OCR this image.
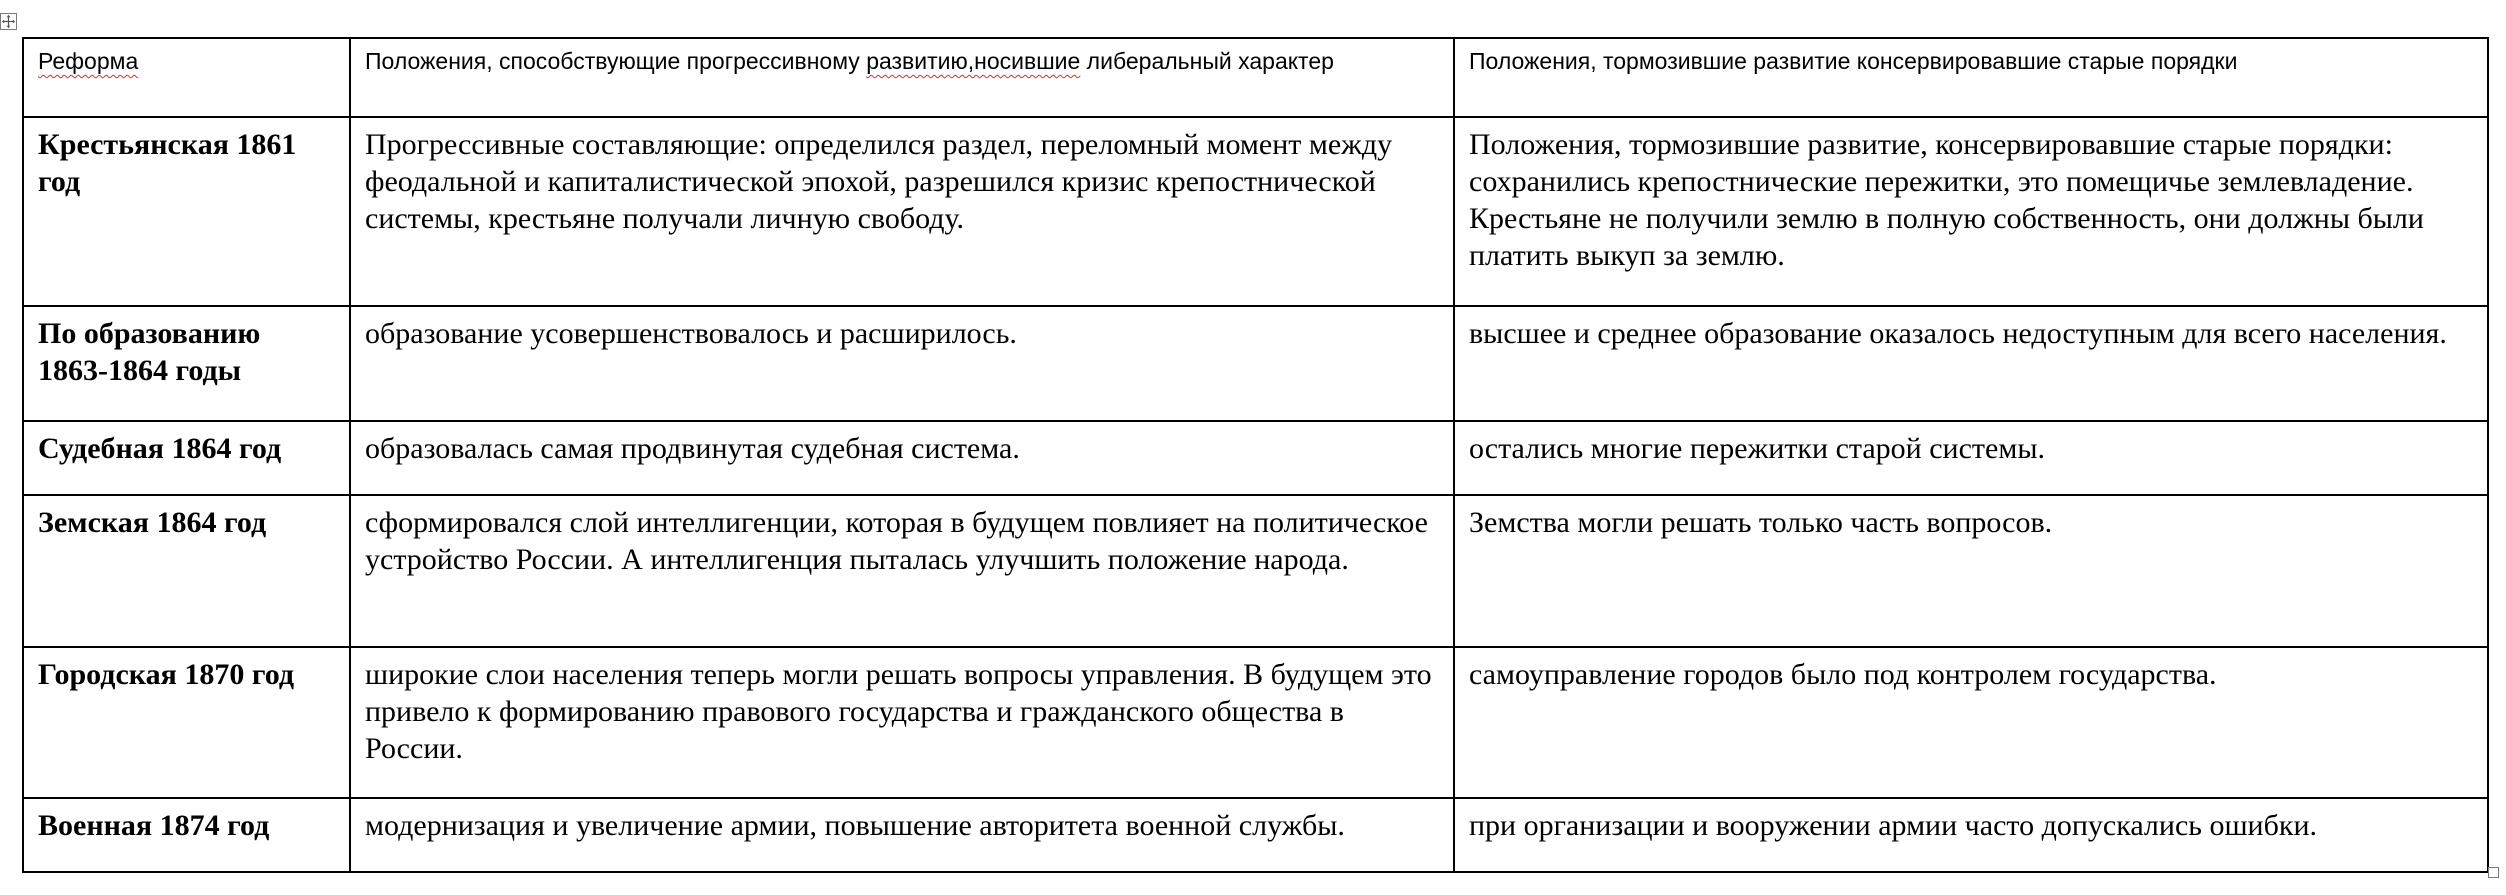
Реформа	Положения, способствующие прогрессивному развитию,носившие либеральный характер	Положения, тормозившие развитие консервировавшие старые порядки
Крестьянская 1861 год	Прогрессивные составляющие: определился раздел, переломный момент между феодальной и капиталистической эпохой, разрешился кризис крепостнической системы, крестьяне получали личную свободу.	Положения, тормозившие развитие, консервировавшие старые порядки: сохранились крепостнические пережитки, это помещичье землевладение. Крестьяне не получили землю в полную собственность, они должны были платить выкуп за землю.
По образованию 1863-1864 годы	образование усовершенствовалось и расширилось.	высшее и среднее образование оказалось недоступным для всего населения.
Судебная 1864 год	образовалась самая продвинутая судебная система.	остались многие пережитки старой системы.
Земская 1864 год	сформировался слой интеллигенции, которая в будущем повлияет на политическое устройство России. А интеллигенция пыталась улучшить положение народа.	Земства могли решать только часть вопросов.
Городская 1870 год	широкие слои населения теперь могли решать вопросы управления. В будущем это привело к формированию правового государства и гражданского общества в России.	самоуправление городов было под контролем государства.
Военная 1874 год	модернизация и увеличение армии, повышение авторитета военной службы.	при организации и вооружении армии часто допускались ошибки.
